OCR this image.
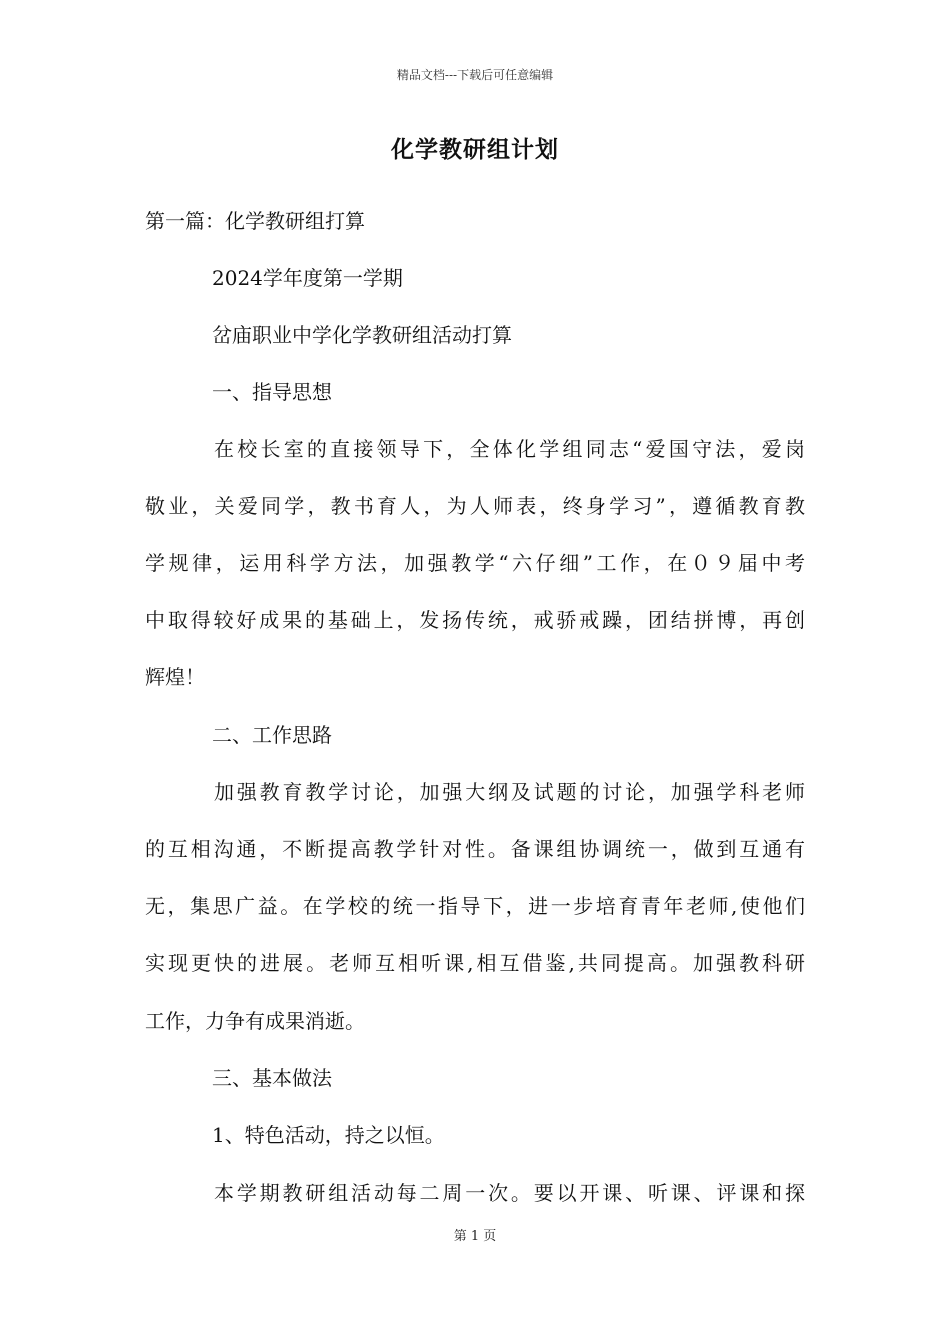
精品文档---下载后可任意编辑
化学教研组计划
第一篇：化学教研组打算
2024学年度第一学期
岔庙职业中学化学教研组活动打算
一、指导思想
在校长室的直接领导下，全体化学组同志“爱国守法，爱岗
敬业，关爱同学，教书育人，为人师表，终身学习”，遵循教育教
学规律，运用科学方法，加强教学“六仔细”工作，在０９届中考
中取得较好成果的基础上，发扬传统，戒骄戒躁，团结拼博，再创
辉煌！
二、工作思路
加强教育教学讨论，加强大纲及试题的讨论，加强学科老师
的互相沟通，不断提高教学针对性。备课组协调统一，做到互通有
无，集思广益。在学校的统一指导下，进一步培育青年老师,使他们
实现更快的进展。老师互相听课,相互借鉴,共同提高。加强教科研
工作，力争有成果消逝。
三、基本做法
1、特色活动，持之以恒。
本学期教研组活动每二周一次。要以开课、听课、评课和探
第 1 页
